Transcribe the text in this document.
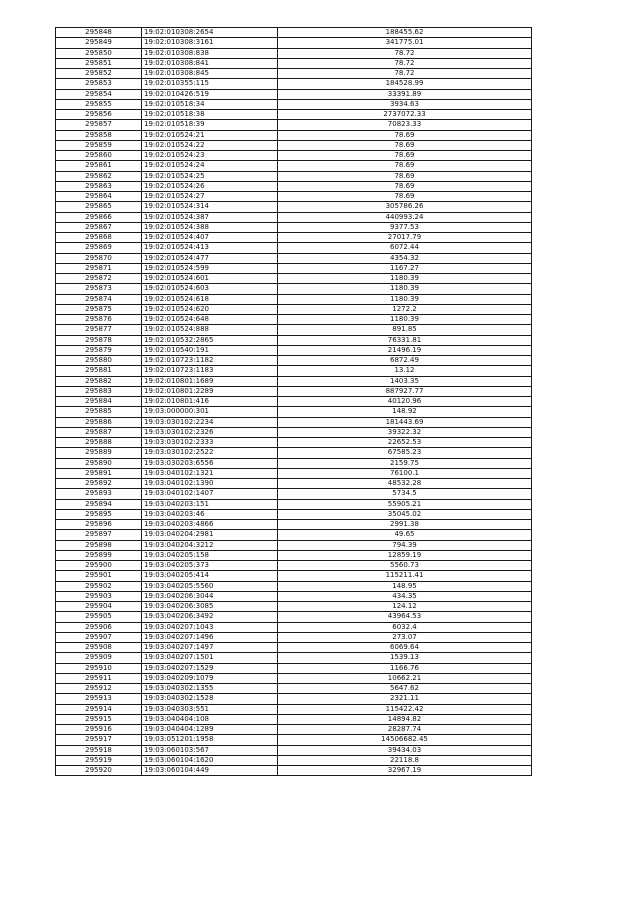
295848	19:02:010308:2654	188455.62
295849	19:02:010308:3161	341775.01
295850	19:02:010308:838	78.72
295851	19:02:010308:841	78.72
295852	19:02:010308:845	78.72
295853	19:02:010355:115	184528.99
295854	19:02:010426:519	33391.89
295855	19:02:010518:34	3934.63
295856	19:02:010518:38	2737072.33
295857	19:02:010518:39	70823.33
295858	19:02:010524:21	78.69
295859	19:02:010524:22	78.69
295860	19:02:010524:23	78.69
295861	19:02:010524:24	78.69
295862	19:02:010524:25	78.69
295863	19:02:010524:26	78.69
295864	19:02:010524:27	78.69
295865	19:02:010524:314	305786.26
295866	19:02:010524:387	440993.24
295867	19:02:010524:388	9377.53
295868	19:02:010524:407	27017.79
295869	19:02:010524:413	6072.44
295870	19:02:010524:477	4354.32
295871	19:02:010524:599	1167.27
295872	19:02:010524:601	1180.39
295873	19:02:010524:603	1180.39
295874	19:02:010524:618	1180.39
295875	19:02:010524:620	1272.2
295876	19:02:010524:648	1180.39
295877	19:02:010524:888	891.85
295878	19:02:010532:2865	76331.81
295879	19:02:010540:191	21496.19
295880	19:02:010723:1182	6872.49
295881	19:02:010723:1183	13.12
295882	19:02:010801:1689	1403.35
295883	19:02:010801:2289	887927.77
295884	19:02:010801:416	40120.96
295885	19:03:000000:301	148.92
295886	19:03:030102:2234	181443.69
295887	19:03:030102:2326	39322.32
295888	19:03:030102:2333	22652.53
295889	19:03:030102:2522	67585.23
295890	19:03:030203:6556	2159.75
295891	19:03:040102:1321	76100.1
295892	19:03:040102:1390	48532.28
295893	19:03:040102:1407	5734.5
295894	19:03:040203:151	55905.21
295895	19:03:040203:46	35045.02
295896	19:03:040203:4866	2991.38
295897	19:03:040204:2981	49.65
295898	19:03:040204:3212	794.39
295899	19:03:040205:158	12859.19
295900	19:03:040205:373	5560.73
295901	19:03:040205:414	115211.41
295902	19:03:040205:5560	148.95
295903	19:03:040206:3044	434.35
295904	19:03:040206:3085	124.12
295905	19:03:040206:3492	43964.53
295906	19:03:040207:1043	6032.4
295907	19:03:040207:1496	273.07
295908	19:03:040207:1497	6069.64
295909	19:03:040207:1501	1539.13
295910	19:03:040207:1529	1166.76
295911	19:03:040209:1079	10662.21
295912	19:03:040302:1355	5647.62
295913	19:03:040302:1528	2321.11
295914	19:03:040303:551	115422.42
295915	19:03:040404:108	14894.82
295916	19:03:040404:1289	28287.74
295917	19:03:051201:1958	14506682.45
295918	19:03:060103:567	39434.03
295919	19:03:060104:1620	22118.8
295920	19:03:060104:449	32967.19
